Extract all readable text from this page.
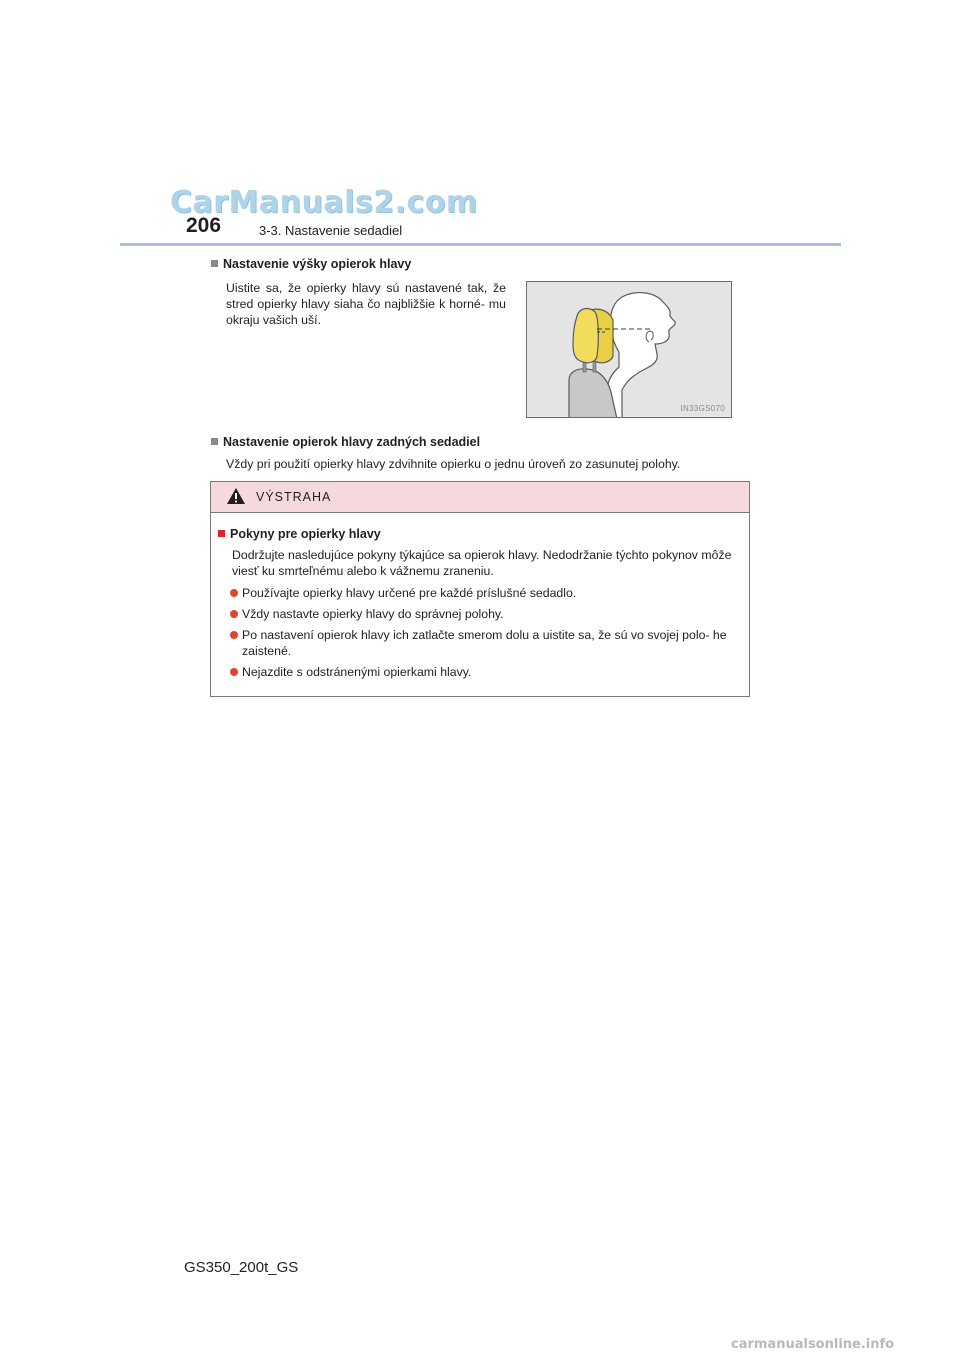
CarManuals2.com
206	3-3. Nastavenie sedadiel
Nastavenie výšky opierok hlavy
Uistite sa, že opierky hlavy sú nastavené tak, že stred opierky hlavy siaha čo najbližšie k horné- mu okraju vašich uší.
IN33GS070
Nastavenie opierok hlavy zadných sedadiel
Vždy pri použití opierky hlavy zdvihnite opierku o jednu úroveň zo zasunutej polohy.
VÝSTRAHA
Pokyny pre opierky hlavy
Dodržujte nasledujúce pokyny týkajúce sa opierok hlavy. Nedodržanie týchto pokynov môže viesť ku smrteľnému alebo k vážnemu zraneniu.
Používajte opierky hlavy určené pre každé príslušné sedadlo.
Vždy nastavte opierky hlavy do správnej polohy.
Po nastavení opierok hlavy ich zatlačte smerom dolu a uistite sa, že sú vo svojej polo- he zaistené.
Nejazdite s odstránenými opierkami hlavy.
GS350_200t_GS
carmanualsonline.info
